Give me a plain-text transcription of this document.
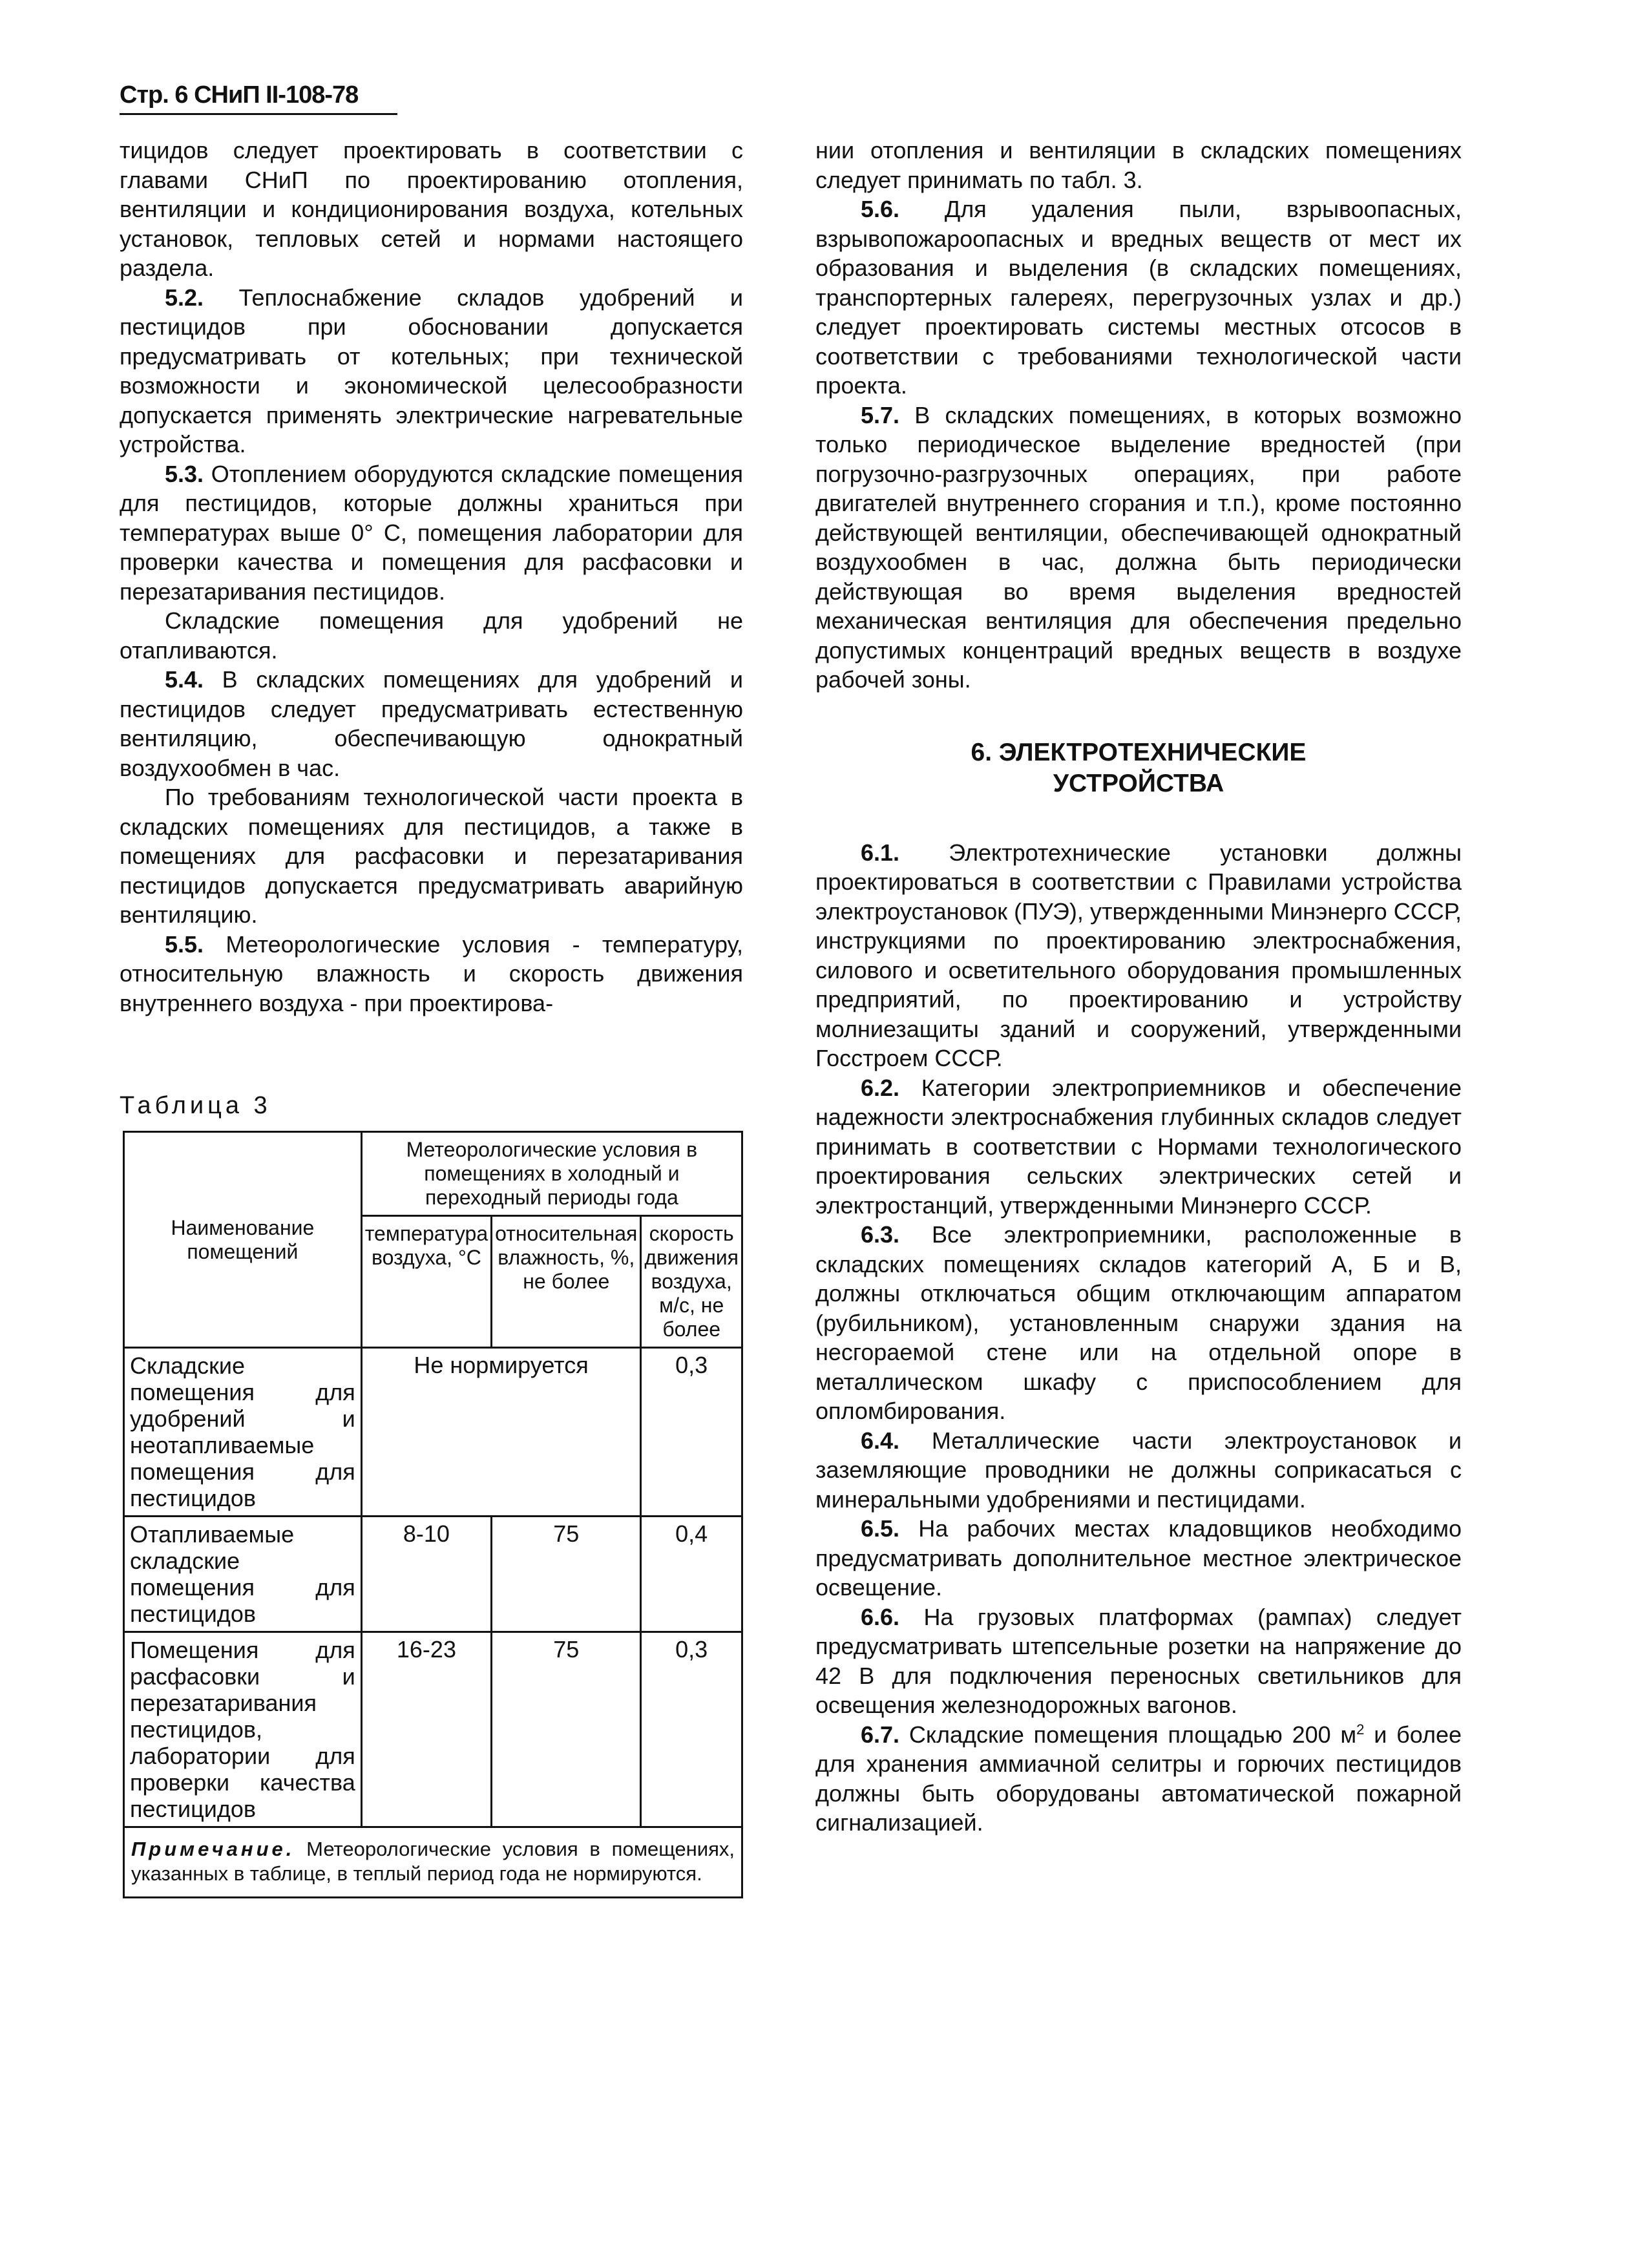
Стр. 6 СНиП II-108-78

тицидов следует проектировать в соответствии с главами СНиП по проектированию отопления, вентиляции и кондиционирования воздуха, котельных установок, тепловых сетей и нормами настоящего раздела.

5.2. Теплоснабжение складов удобрений и пестицидов при обосновании допускается предусматривать от котельных; при технической возможности и экономической целесообразности допускается применять электрические нагревательные устройства.

5.3. Отоплением оборудуются складские помещения для пестицидов, которые должны храниться при температурах выше 0° С, помещения лаборатории для проверки качества и помещения для расфасовки и перезатаривания пестицидов.

Складские помещения для удобрений не отапливаются.

5.4. В складских помещениях для удобрений и пестицидов следует предусматривать естественную вентиляцию, обеспечивающую однократный воздухообмен в час.

По требованиям технологической части проекта в складских помещениях для пестицидов, а также в помещениях для расфасовки и перезатаривания пестицидов допускается предусматривать аварийную вентиляцию.

5.5. Метеорологические условия - температуру, относительную влажность и скорость движения внутреннего воздуха - при проектирова-

Таблица 3
Наименование помещений	Метеорологические условия в помещениях в холодный и переходный периоды года		
	температура воздуха, °С	относительная влажность, %, не более	скорость движения воздуха, м/с, не более
Складские помещения для удобрений и неотапливаемые помещения для пестицидов	Не нормируется		0,3
Отапливаемые складские помещения для пестицидов	8-10	75	0,4
Помещения для расфасовки и перезатаривания пестицидов, лаборатории для проверки качества пестицидов	16-23	75	0,3
Примечание. Метеорологические условия в помещениях, указанных в таблице, в теплый период года не нормируются.			

нии отопления и вентиляции в складских помещениях следует принимать по табл. 3.

5.6. Для удаления пыли, взрывоопасных, взрывопожароопасных и вредных веществ от мест их образования и выделения (в складских помещениях, транспортерных галереях, перегрузочных узлах и др.) следует проектировать системы местных отсосов в соответствии с требованиями технологической части проекта.

5.7. В складских помещениях, в которых возможно только периодическое выделение вредностей (при погрузочно-разгрузочных операциях, при работе двигателей внутреннего сгорания и т.п.), кроме постоянно действующей вентиляции, обеспечивающей однократный воздухообмен в час, должна быть периодически действующая во время выделения вредностей механическая вентиляция для обеспечения предельно допустимых концентраций вредных веществ в воздухе рабочей зоны.

6. ЭЛЕКТРОТЕХНИЧЕСКИЕ
УСТРОЙСТВА

6.1. Электротехнические установки должны проектироваться в соответствии с Правилами устройства электроустановок (ПУЭ), утвержденными Минэнерго СССР, инструкциями по проектированию электроснабжения, силового и осветительного оборудования промышленных предприятий, по проектированию и устройству молниезащиты зданий и сооружений, утвержденными Госстроем СССР.

6.2. Категории электроприемников и обеспечение надежности электроснабжения глубинных складов следует принимать в соответствии с Нормами технологического проектирования сельских электрических сетей и электростанций, утвержденными Минэнерго СССР.

6.3. Все электроприемники, расположенные в складских помещениях складов категорий А, Б и В, должны отключаться общим отключающим аппаратом (рубильником), установленным снаружи здания на несгораемой стене или на отдельной опоре в металлическом шкафу с приспособлением для опломбирования.

6.4. Металлические части электроустановок и заземляющие проводники не должны соприкасаться с минеральными удобрениями и пестицидами.

6.5. На рабочих местах кладовщиков необходимо предусматривать дополнительное местное электрическое освещение.

6.6. На грузовых платформах (рампах) следует предусматривать штепсельные розетки на напряжение до 42 В для подключения переносных светильников для освещения железнодорожных вагонов.

6.7. Складские помещения площадью 200 $м^2$ и более для хранения аммиачной селитры и горючих пестицидов должны быть оборудованы автоматической пожарной сигнализацией.
